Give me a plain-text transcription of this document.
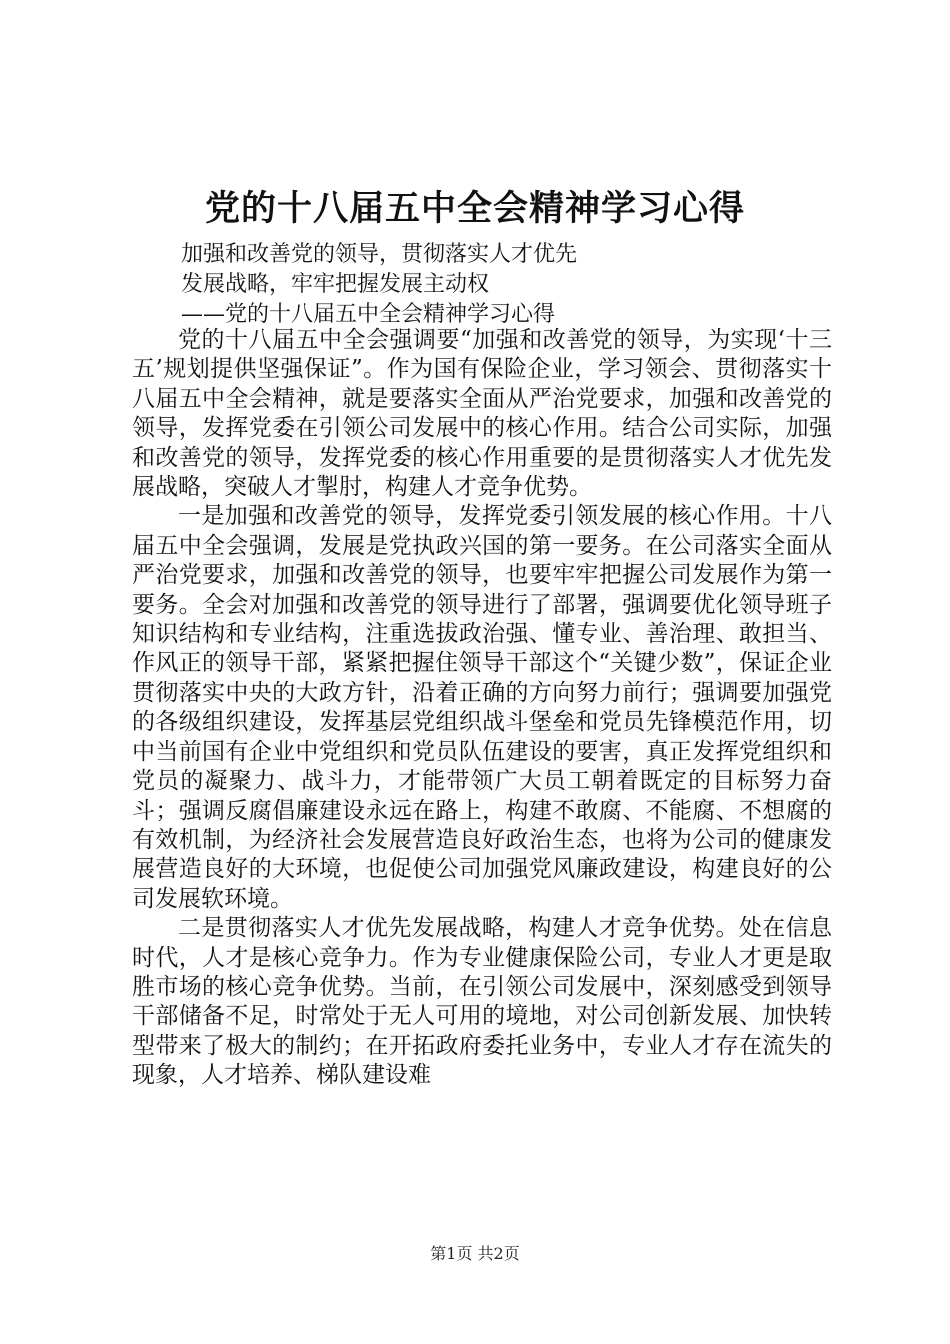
党的十八届五中全会精神学习心得
加强和改善党的领导，贯彻落实人才优先
发展战略，牢牢把握发展主动权
——党的十八届五中全会精神学习心得

党的十八届五中全会强调要“加强和改善党的领导，为实现‘十三五’规划提供坚强保证”。作为国有保险企业，学习领会、贯彻落实十八届五中全会精神，就是要落实全面从严治党要求，加强和改善党的领导，发挥党委在引领公司发展中的核心作用。结合公司实际，加强和改善党的领导，发挥党委的核心作用重要的是贯彻落实人才优先发展战略，突破人才掣肘，构建人才竞争优势。

一是加强和改善党的领导，发挥党委引领发展的核心作用。十八届五中全会强调，发展是党执政兴国的第一要务。在公司落实全面从严治党要求，加强和改善党的领导，也要牢牢把握公司发展作为第一要务。全会对加强和改善党的领导进行了部署，强调要优化领导班子知识结构和专业结构，注重选拔政治强、懂专业、善治理、敢担当、作风正的领导干部，紧紧把握住领导干部这个“关键少数”，保证企业贯彻落实中央的大政方针，沿着正确的方向努力前行；强调要加强党的各级组织建设，发挥基层党组织战斗堡垒和党员先锋模范作用，切中当前国有企业中党组织和党员队伍建设的要害，真正发挥党组织和党员的凝聚力、战斗力，才能带领广大员工朝着既定的目标努力奋斗；强调反腐倡廉建设永远在路上，构建不敢腐、不能腐、不想腐的有效机制，为经济社会发展营造良好政治生态，也将为公司的健康发展营造良好的大环境，也促使公司加强党风廉政建设，构建良好的公司发展软环境。

二是贯彻落实人才优先发展战略，构建人才竞争优势。处在信息时代，人才是核心竞争力。作为专业健康保险公司，专业人才更是取胜市场的核心竞争优势。当前，在引领公司发展中，深刻感受到领导干部储备不足，时常处于无人可用的境地，对公司创新发展、加快转型带来了极大的制约；在开拓政府委托业务中，专业人才存在流失的现象，人才培养、梯队建设难

第1页 共2页
